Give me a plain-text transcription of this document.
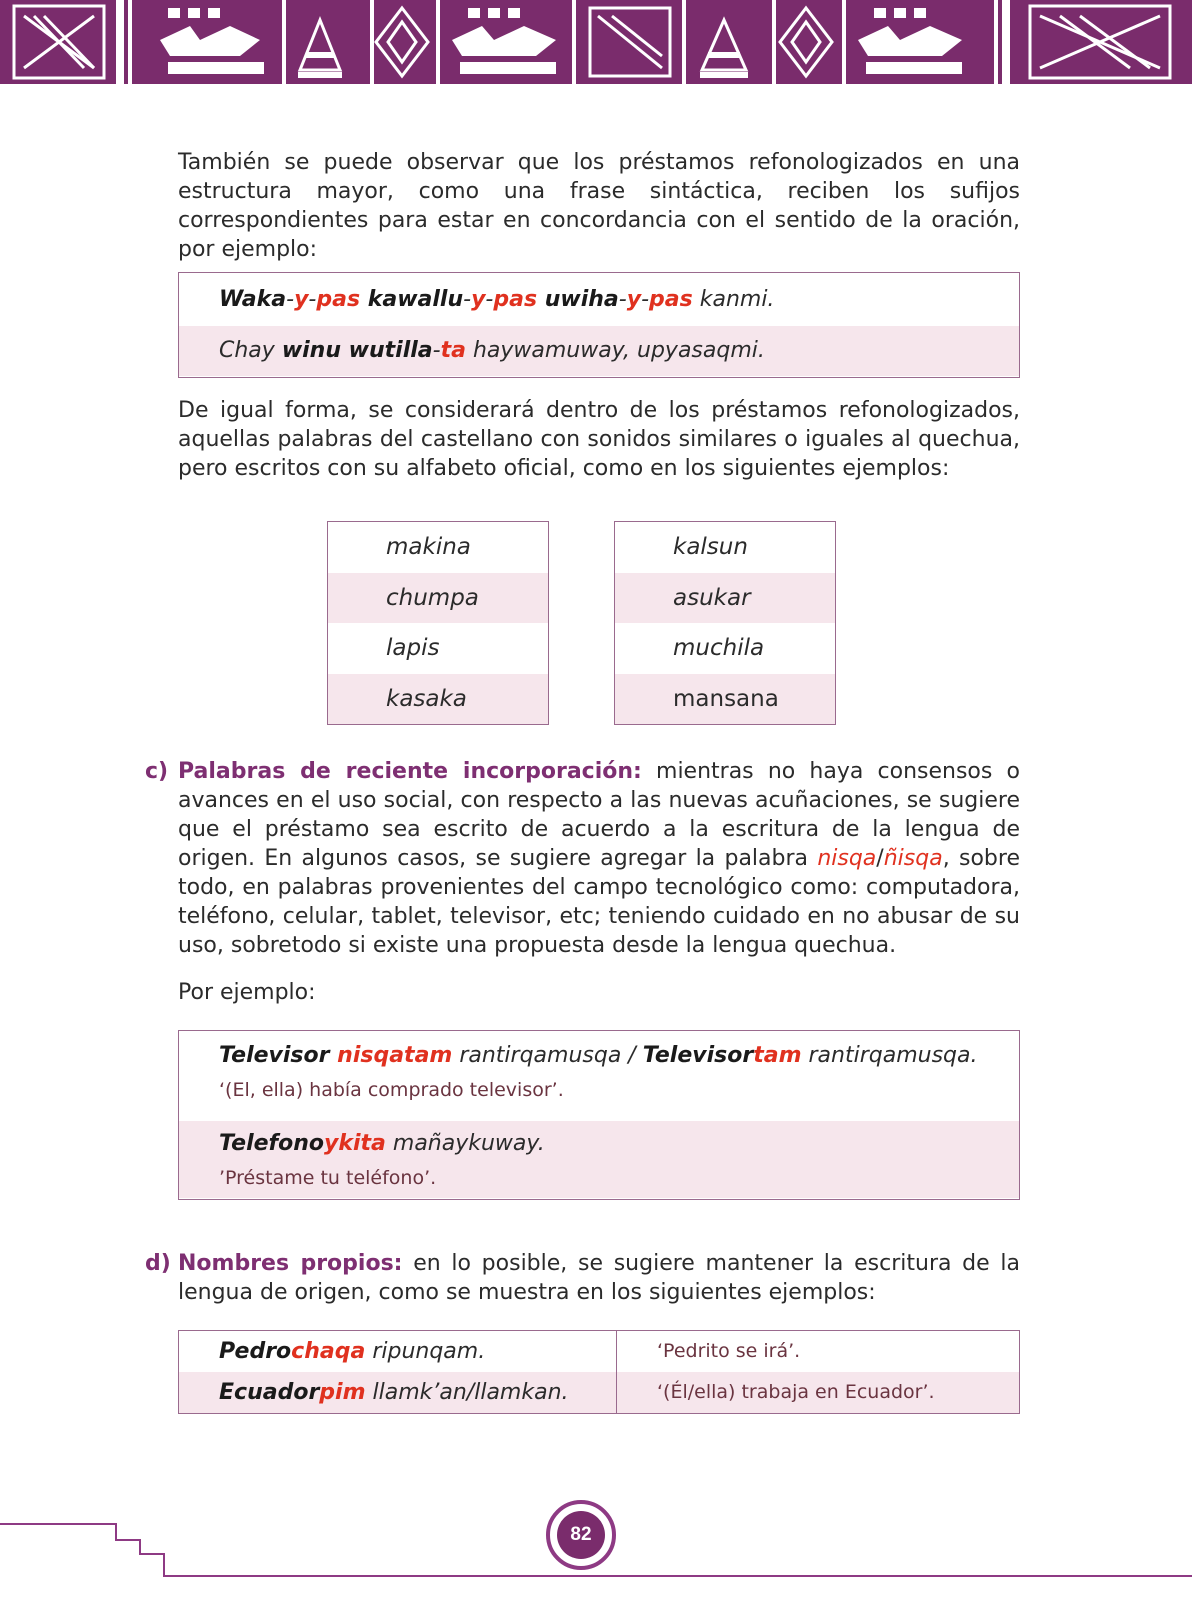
También se puede observar que los préstamos refonologizados en una estructura mayor, como una frase sintáctica, reciben los sufijos correspondientes para estar en concordancia con el sentido de la oración, por ejemplo:

Waka-y-pas kawallu-y-pas uwiha-y-pas kanmi.
Chay winu wutilla-ta haywamuway, upyasaqmi.

De igual forma, se considerará dentro de los préstamos refonologizados, aquellas palabras del castellano con sonidos similares o iguales al quechua, pero escritos con su alfabeto oficial, como en los siguientes ejemplos:

makina
chumpa
lapis
kasaka
kalsun
asukar
muchila
mansana
c) Palabras de reciente incorporación: mientras no haya consensos o avances en el uso social, con respecto a las nuevas acuñaciones, se sugiere que el préstamo sea escrito de acuerdo a la escritura de la lengua de origen. En algunos casos, se sugiere agregar la palabra nisqa/ñisqa, sobre todo, en palabras provenientes del campo tecnológico como: computadora, teléfono, celular, tablet, televisor, etc; teniendo cuidado en no abusar de su uso, sobretodo si existe una propuesta desde la lengua quechua.

Por ejemplo:

Televisor nisqatam rantirqamusqa / Televisortam rantirqamusqa.
‘(El, ella) había comprado televisor’.
Telefonoykita mañaykuway.
’Préstame tu teléfono’.
d) Nombres propios: en lo posible, se sugiere mantener la escritura de la lengua de origen, como se muestra en los siguientes ejemplos:

Pedrochaqa ripunqam.	‘Pedrito se irá’.
Ecuadorpim llamk’an/llamkan.	‘(Él/ella) trabaja en Ecuador’.
82
